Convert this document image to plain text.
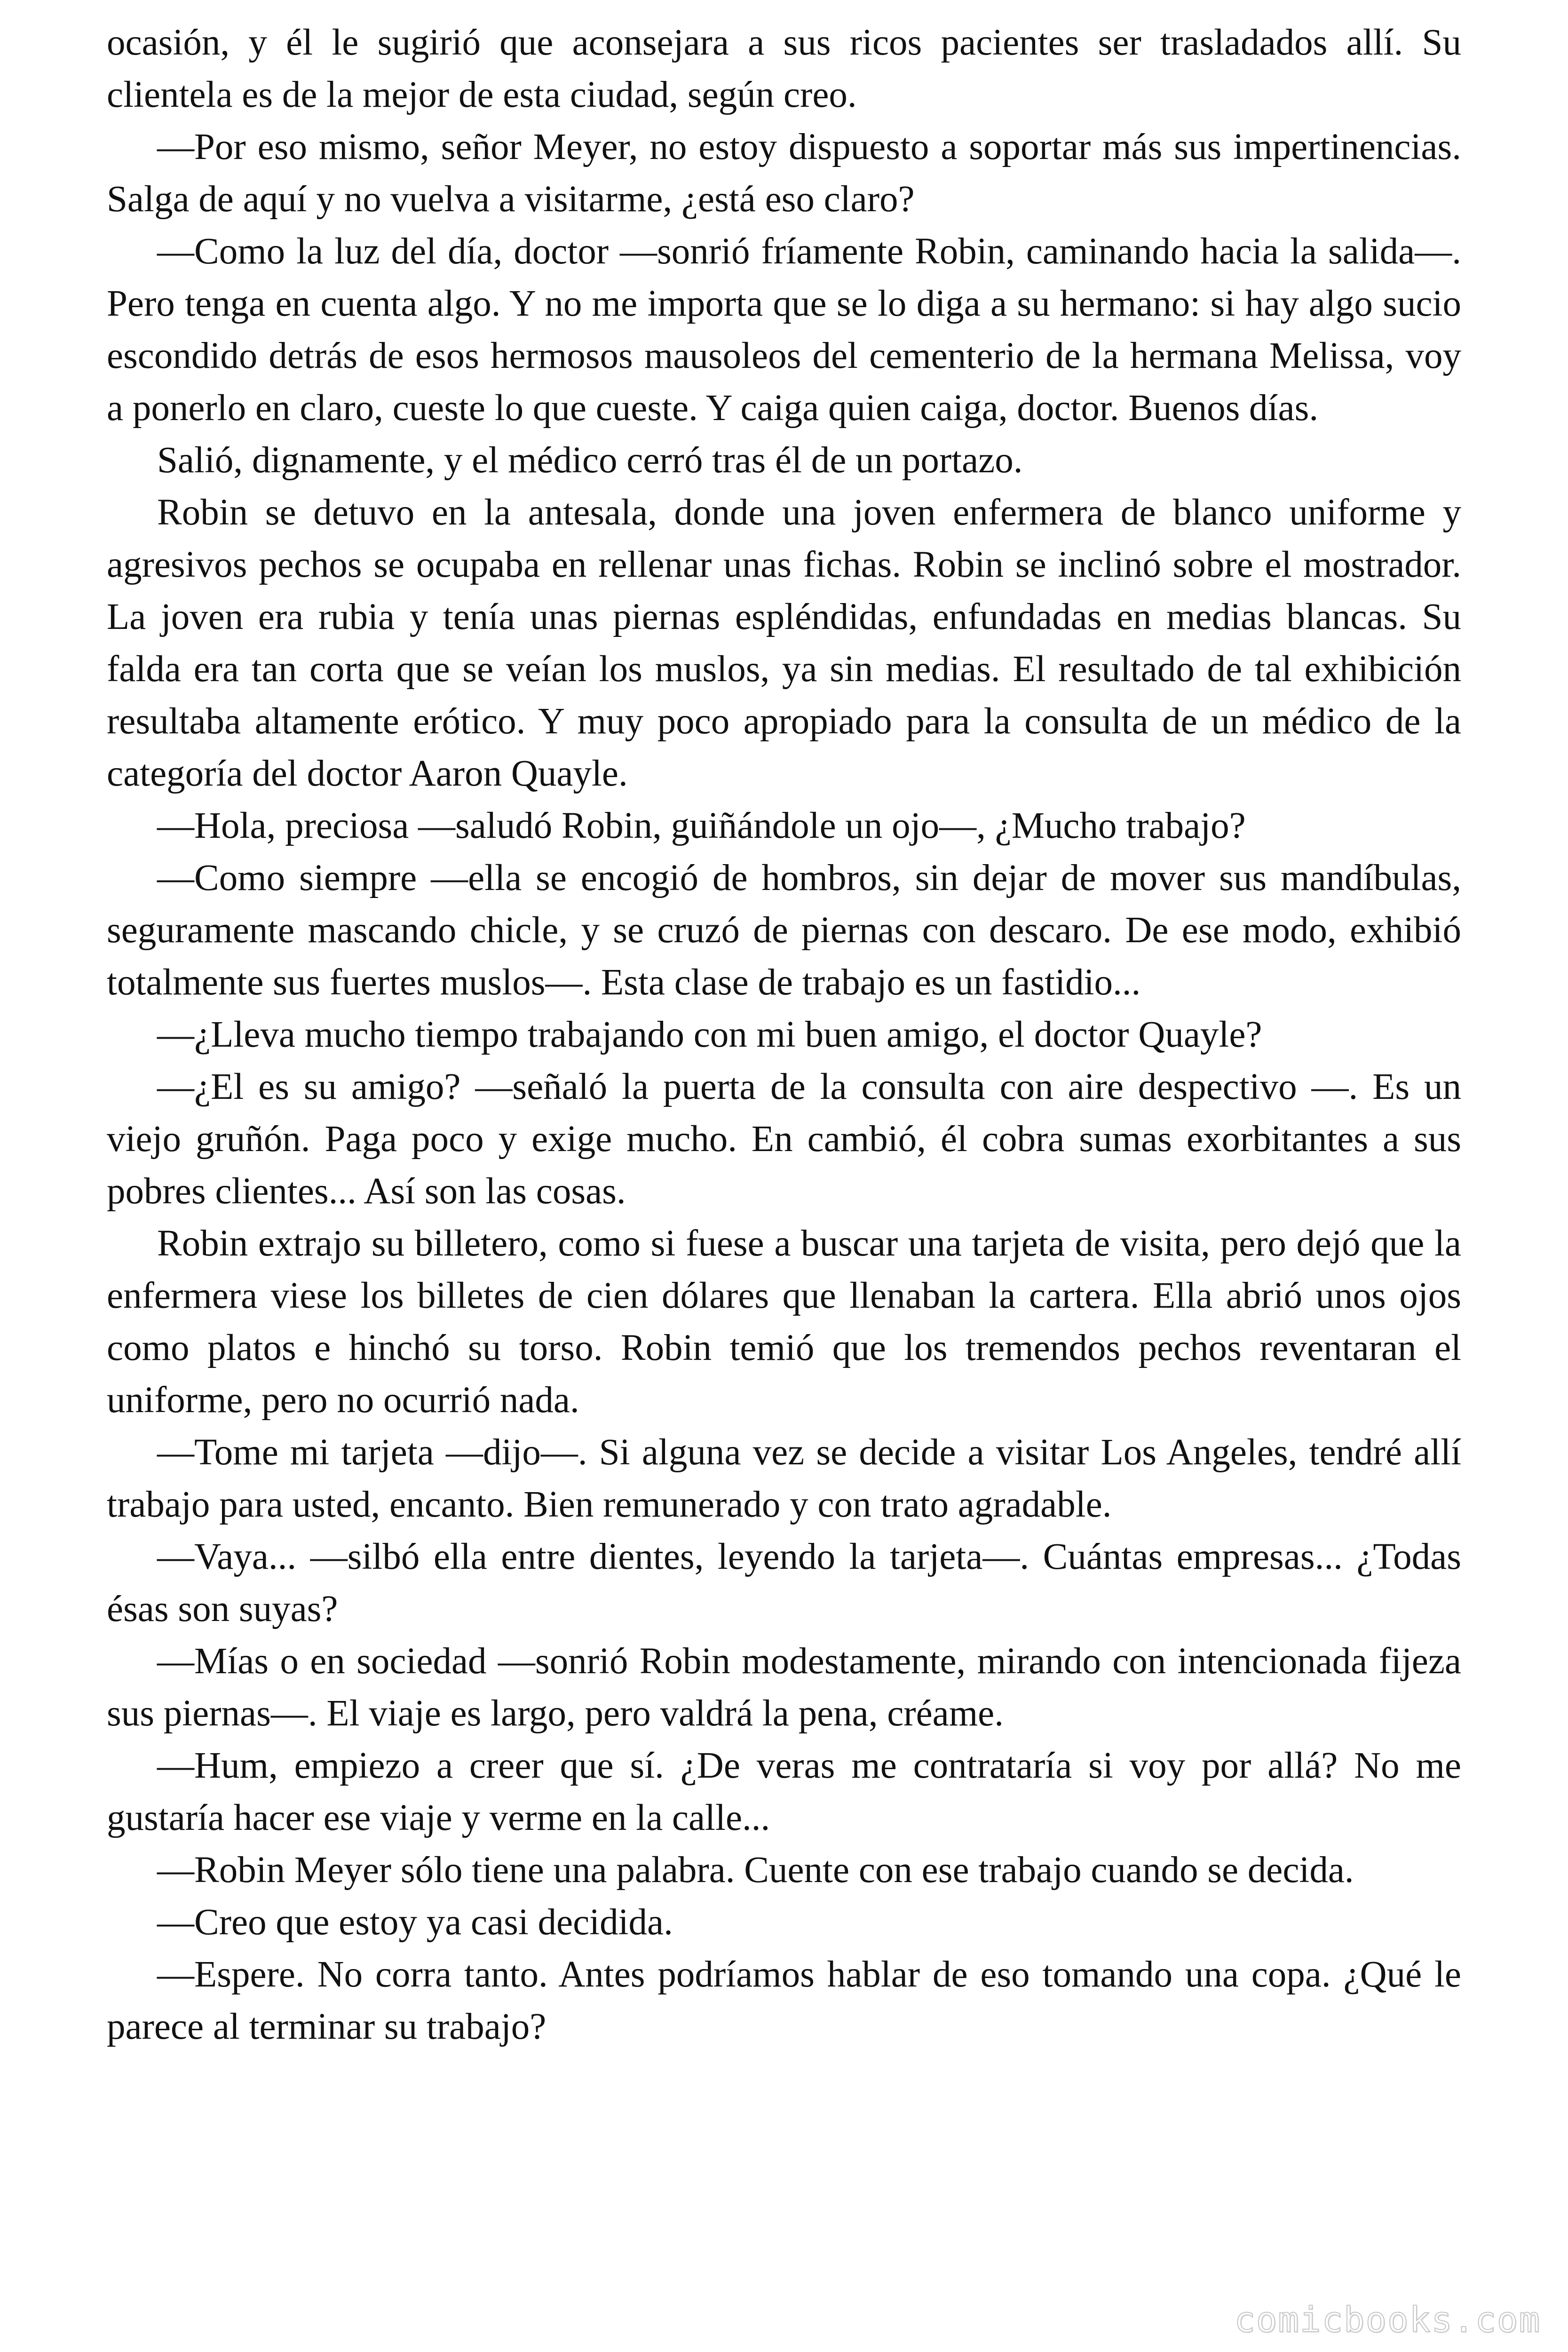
ocasión, y él le sugirió que aconsejara a sus ricos pacientes ser trasladados allí. Su clientela es de la mejor de esta ciudad, según creo.

—Por eso mismo, señor Meyer, no estoy dispuesto a soportar más sus impertinencias. Salga de aquí y no vuelva a visitarme, ¿está eso claro?

—Como la luz del día, doctor —sonrió fríamente Robin, caminando hacia la salida—. Pero tenga en cuenta algo. Y no me importa que se lo diga a su hermano: si hay algo sucio escondido detrás de esos hermosos mausoleos del cementerio de la hermana Melissa, voy a ponerlo en claro, cueste lo que cueste. Y caiga quien caiga, doctor. Buenos días.

Salió, dignamente, y el médico cerró tras él de un portazo.

Robin se detuvo en la antesala, donde una joven enfermera de blanco uniforme y agresivos pechos se ocupaba en rellenar unas fichas. Robin se inclinó sobre el mostrador. La joven era rubia y tenía unas piernas espléndidas, enfundadas en medias blancas. Su falda era tan corta que se veían los muslos, ya sin medias. El resultado de tal exhibición resultaba altamente erótico. Y muy poco apropiado para la consulta de un médico de la categoría del doctor Aaron Quayle.

—Hola, preciosa —saludó Robin, guiñándole un ojo—, ¿Mucho trabajo?

—Como siempre —ella se encogió de hombros, sin dejar de mover sus mandíbulas, seguramente mascando chicle, y se cruzó de piernas con descaro. De ese modo, exhibió totalmente sus fuertes muslos—. Esta clase de trabajo es un fastidio...

—¿Lleva mucho tiempo trabajando con mi buen amigo, el doctor Quayle?

—¿El es su amigo? —señaló la puerta de la consulta con aire despectivo —. Es un viejo gruñón. Paga poco y exige mucho. En cambió, él cobra sumas exorbitantes a sus pobres clientes... Así son las cosas.

Robin extrajo su billetero, como si fuese a buscar una tarjeta de visita, pero dejó que la enfermera viese los billetes de cien dólares que llenaban la cartera. Ella abrió unos ojos como platos e hinchó su torso. Robin temió que los tremendos pechos reventaran el uniforme, pero no ocurrió nada.

—Tome mi tarjeta —dijo—. Si alguna vez se decide a visitar Los Angeles, tendré allí trabajo para usted, encanto. Bien remunerado y con trato agradable.

—Vaya... —silbó ella entre dientes, leyendo la tarjeta—. Cuántas empresas... ¿Todas ésas son suyas?

—Mías o en sociedad —sonrió Robin modestamente, mirando con intencionada fijeza sus piernas—. El viaje es largo, pero valdrá la pena, créame.

—Hum, empiezo a creer que sí. ¿De veras me contrataría si voy por allá? No me gustaría hacer ese viaje y verme en la calle...

—Robin Meyer sólo tiene una palabra. Cuente con ese trabajo cuando se decida.

—Creo que estoy ya casi decidida.

—Espere. No corra tanto. Antes podríamos hablar de eso tomando una copa. ¿Qué le parece al terminar su trabajo?

comicbooks.com
